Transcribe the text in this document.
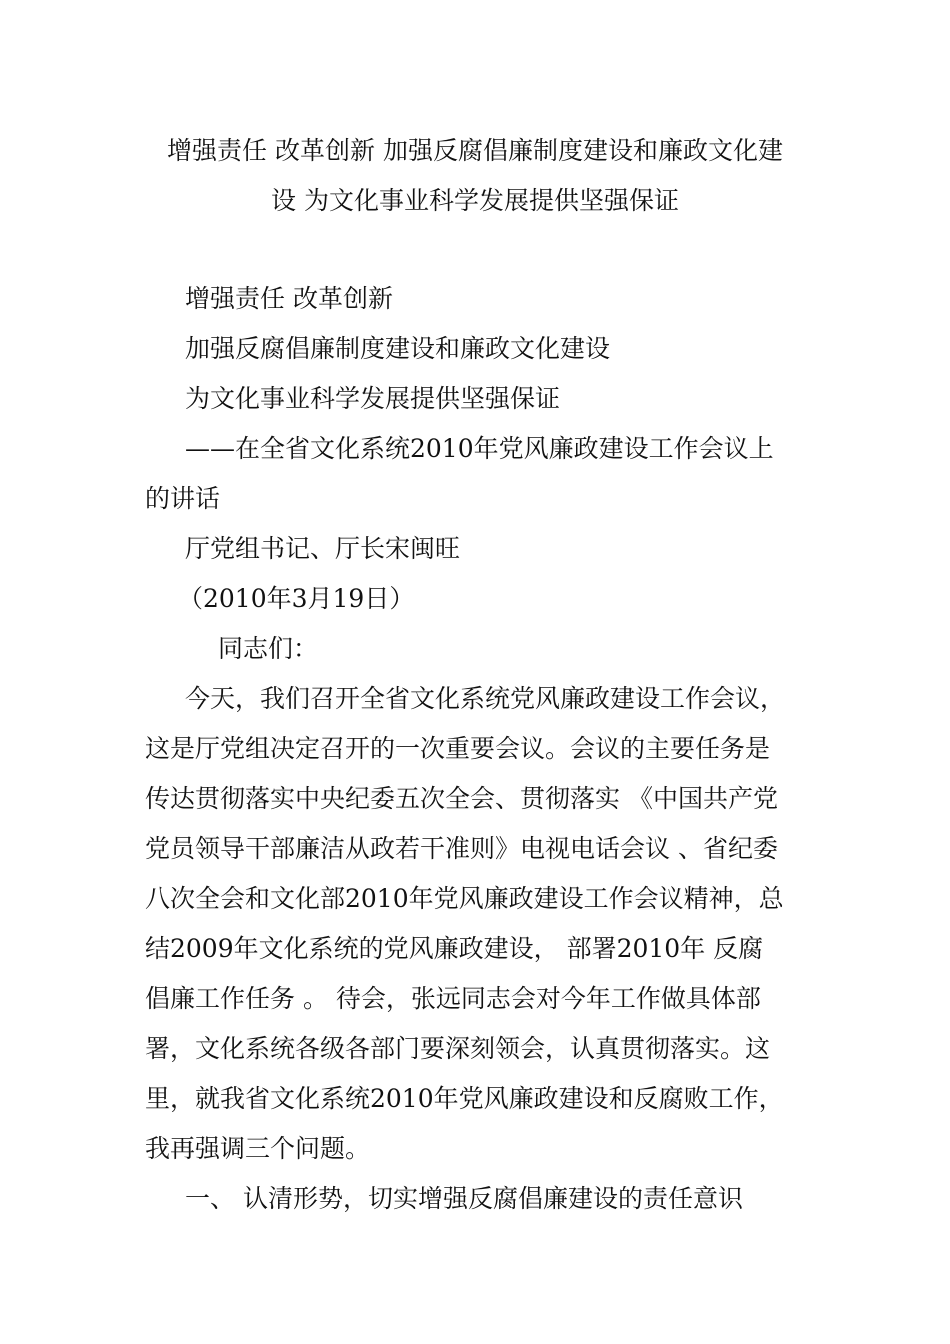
增强责任 改革创新 加强反腐倡廉制度建设和廉政文化建
设 为文化事业科学发展提供坚强保证
增强责任 改革创新
加强反腐倡廉制度建设和廉政文化建设
为文化事业科学发展提供坚强保证
——在全省文化系统2010年党风廉政建设工作会议上
的讲话
厅党组书记、厅长宋闽旺
（2010年3月19日）
同志们：
今天，我们召开全省文化系统党风廉政建设工作会议，
这是厅党组决定召开的一次重要会议。会议的主要任务是
传达贯彻落实中央纪委五次全会、贯彻落实 《中国共产党
党员领导干部廉洁从政若干准则》电视电话会议 、省纪委
八次全会和文化部2010年党风廉政建设工作会议精神，总
结2009年文化系统的党风廉政建设， 部署2010年 反腐
倡廉工作任务 。 待会，张远同志会对今年工作做具体部
署，文化系统各级各部门要深刻领会，认真贯彻落实。这
里，就我省文化系统2010年党风廉政建设和反腐败工作，
我再强调三个问题。
一、 认清形势，切实增强反腐倡廉建设的责任意识
